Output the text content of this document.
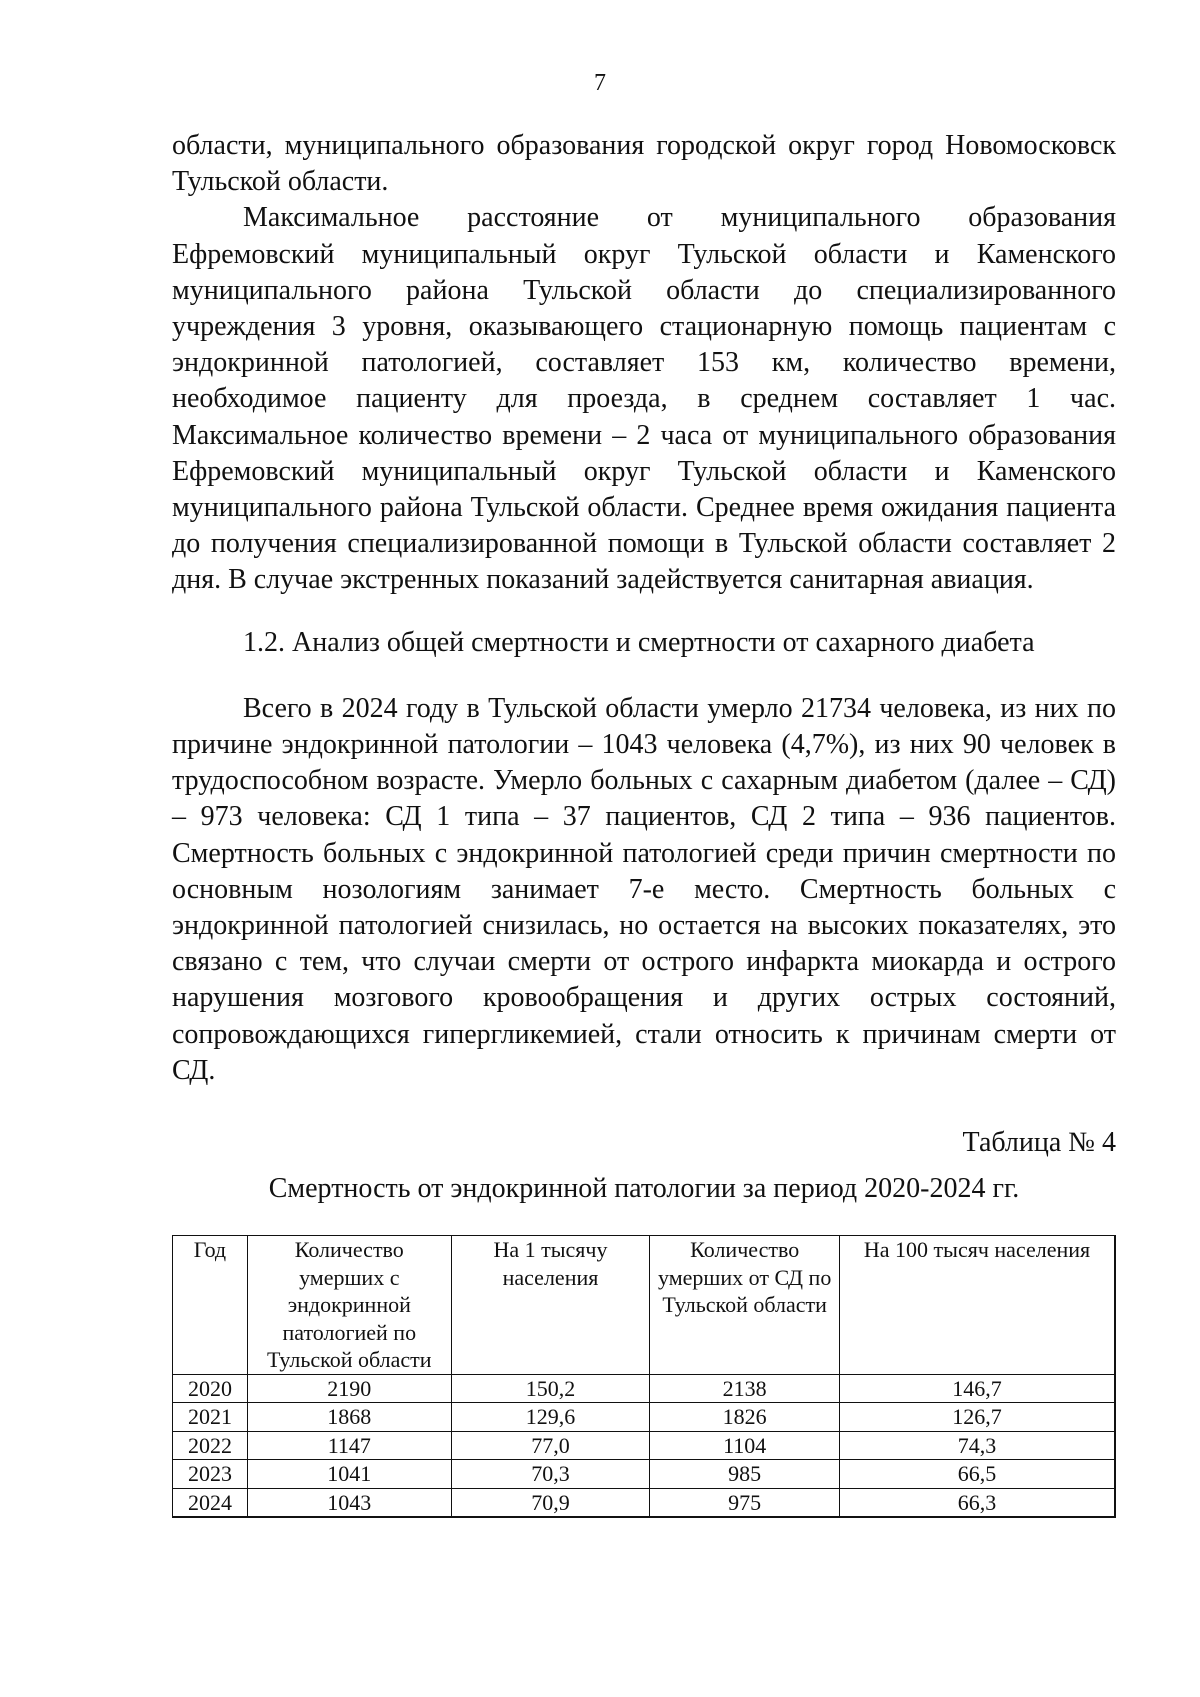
7

области, муниципального образования городской округ город Новомосковск Тульской области.

Максимальное расстояние от муниципального образования Ефремовский муниципальный округ Тульской области и Каменского муниципального района Тульской области до специализированного учреждения 3 уровня, оказывающего стационарную помощь пациентам с эндокринной патологией, составляет 153 км, количество времени, необходимое пациенту для проезда, в среднем составляет 1 час. Максимальное количество времени – 2 часа от муниципального образования Ефремовский муниципальный округ Тульской области и Каменского муниципального района Тульской области. Среднее время ожидания пациента до получения специализированной помощи в Тульской области составляет 2 дня. В случае экстренных показаний задействуется санитарная авиация.

1.2. Анализ общей смертности и смертности от сахарного диабета

Всего в 2024 году в Тульской области умерло 21734 человека, из них по причине эндокринной патологии – 1043 человека (4,7%), из них 90 человек в трудоспособном возрасте. Умерло больных с сахарным диабетом (далее – СД) – 973 человека: СД 1 типа – 37 пациентов, СД 2 типа – 936 пациентов. Смертность больных с эндокринной патологией среди причин смертности по основным нозологиям занимает 7-е место. Смертность больных с эндокринной патологией снизилась, но остается на высоких показателях, это связано с тем, что случаи смерти от острого инфаркта миокарда и острого нарушения мозгового кровообращения и других острых состояний, сопровождающихся гипергликемией, стали относить к причинам смерти от СД.

Таблица № 4

Смертность от эндокринной патологии за период 2020-2024 гг.

Год	Количество умерших с эндокринной патологией по Тульской области	На 1 тысячу населения	Количество умерших от СД по Тульской области	На 100 тысяч населения
2020	2190	150,2	2138	146,7
2021	1868	129,6	1826	126,7
2022	1147	77,0	1104	74,3
2023	1041	70,3	985	66,5
2024	1043	70,9	975	66,3
